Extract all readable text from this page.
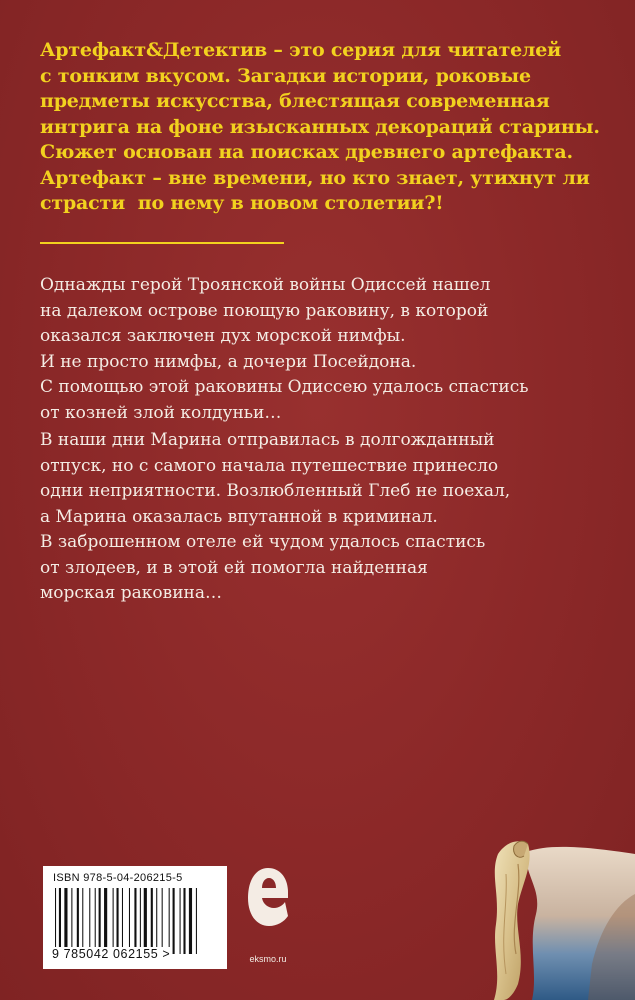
Артефакт&Детектив – это серия для читателей

с тонким вкусом. Загадки истории, роковые

предметы искусства, блестящая современная

интрига на фоне изысканных декораций старины.

Сюжет основан на поисках древнего артефакта.

Артефакт – вне времени, но кто знает, утихнут ли

страсти  по нему в новом столетии?!

Однажды герой Троянской войны Одиссей нашел

на далеком острове поющую раковину, в которой

оказался заключен дух морской нимфы.

И не просто нимфы, а дочери Посейдона.

С помощью этой раковины Одиссею удалось спастись

от козней злой колдуньи…

В наши дни Марина отправилась в долгожданный

отпуск, но с самого начала путешествие принесло

одни неприятности. Возлюбленный Глеб не поехал,

а Марина оказалась впутанной в криминал.

В заброшенном отеле ей чудом удалось спастись

от злодеев, и в этой ей помогла найденная

морская раковина…

ISBN 978-5-04-206215-5
9 785042 062155 >	eksmo.ru
